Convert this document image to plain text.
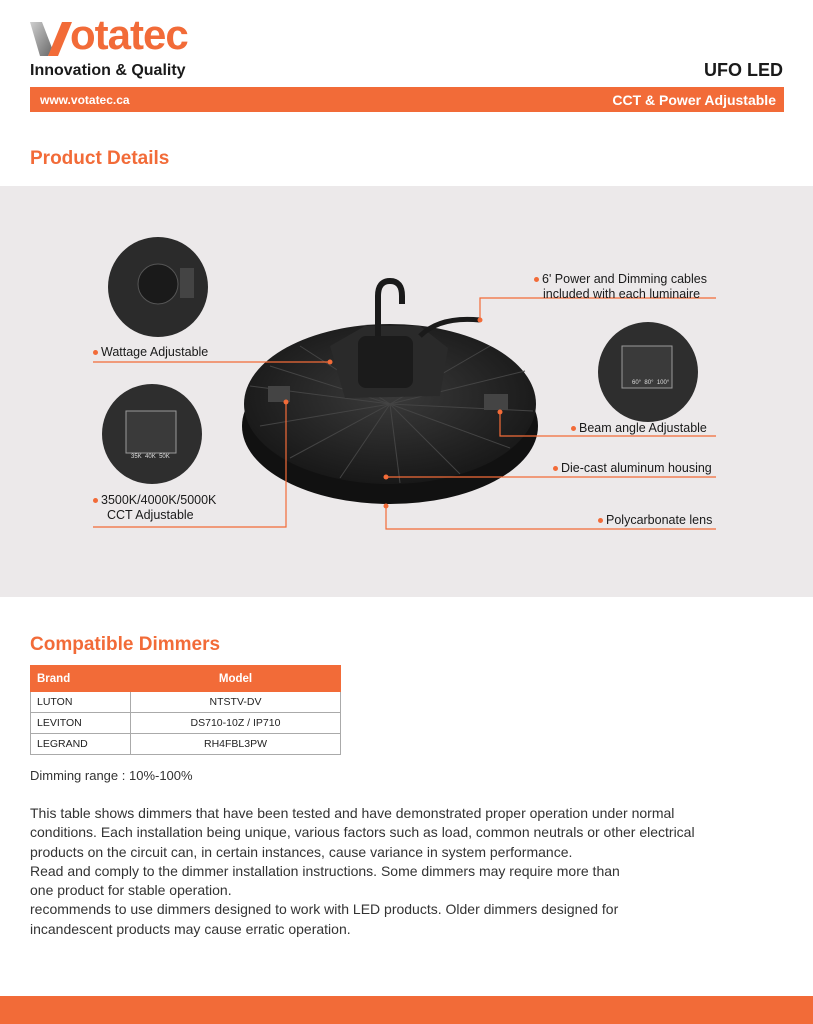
otatec
Innovation & Quality	UFO LED
www.votatec.ca	CCT & Power Adjustable
Product Details
6' Power and Dimming cables
included with each luminaire
Wattage Adjustable
Beam angle Adjustable
Die-cast aluminum housing
3500K/4000K/5000K
CCT Adjustable	Polycarbonate lens
35K 40K 50K
60° 80° 100°
Compatible Dimmers
Brand	Model
LUTON	NTSTV-DV
LEVITON	DS710-10Z / IP710
LEGRAND	RH4FBL3PW
Dimming range : 10%-100%

This table shows dimmers that have been tested and have demonstrated proper operation under normal conditions. Each installation being unique, various factors such as load, common neutrals or other electrical products on the circuit can, in certain instances, cause variance in system performance.

Read and comply to the dimmer installation instructions. Some dimmers may require more than one product for stable operation.

recommends to use dimmers designed to work with LED products. Older dimmers designed for incandescent products may cause erratic operation.
